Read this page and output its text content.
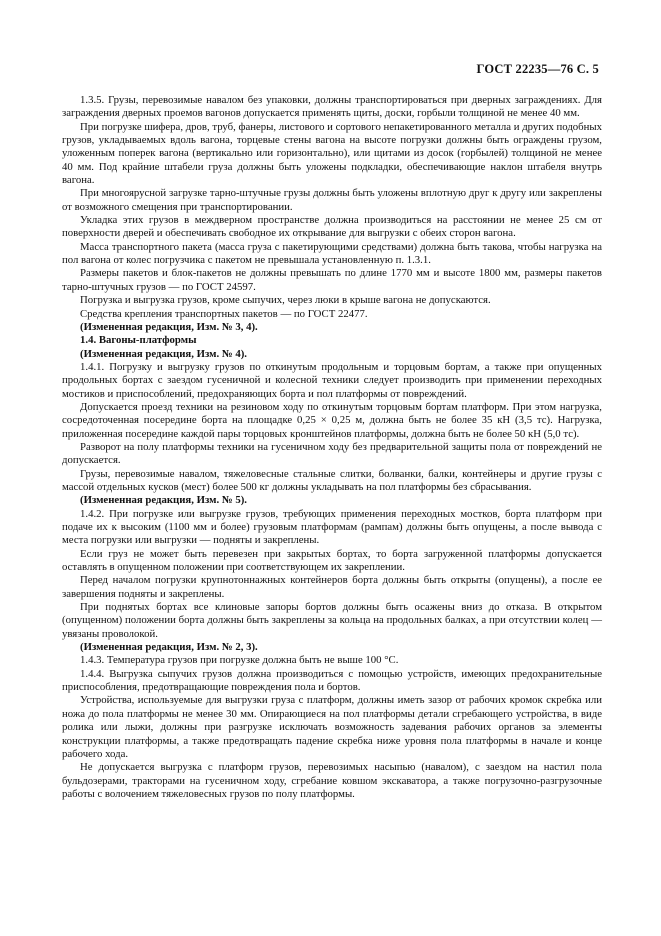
ГОСТ 22235—76 С. 5

1.3.5. Грузы, перевозимые навалом без упаковки, должны транспортироваться при дверных заграждениях. Для заграждения дверных проемов вагонов допускается применять щиты, доски, горбыли толщиной не менее 40 мм.

При погрузке шифера, дров, труб, фанеры, листового и сортового непакетированного металла и других подобных грузов, укладываемых вдоль вагона, торцевые стены вагона на высоте погрузки должны быть ограждены грузом, уложенным поперек вагона (вертикально или горизонтально), или щитами из досок (горбылей) толщиной не менее 40 мм. Под крайние штабели груза должны быть уложены подкладки, обеспечивающие наклон штабеля внутрь вагона.

При многоярусной загрузке тарно-штучные грузы должны быть уложены вплотную друг к другу или закреплены от возможного смещения при транспортировании.

Укладка этих грузов в междверном пространстве должна производиться на расстоянии не менее 25 см от поверхности дверей и обеспечивать свободное их открывание для выгрузки с обеих сторон вагона.

Масса транспортного пакета (масса груза с пакетирующими средствами) должна быть такова, чтобы нагрузка на пол вагона от колес погрузчика с пакетом не превышала установленную п. 1.3.1.

Размеры пакетов и блок-пакетов не должны превышать по длине 1770 мм и высоте 1800 мм, размеры пакетов тарно-штучных грузов — по ГОСТ 24597.

Погрузка и выгрузка грузов, кроме сыпучих, через люки в крыше вагона не допускаются.

Средства крепления транспортных пакетов — по ГОСТ 22477.

(Измененная редакция, Изм. № 3, 4).

1.4. Вагоны-платформы

(Измененная редакция, Изм. № 4).

1.4.1. Погрузку и выгрузку грузов по откинутым продольным и торцовым бортам, а также при опущенных продольных бортах с заездом гусеничной и колесной техники следует производить при применении переходных мостиков и приспособлений, предохраняющих борта и пол платформы от повреждений.

Допускается проезд техники на резиновом ходу по откинутым торцовым бортам платформ. При этом нагрузка, сосредоточенная посередине борта на площадке 0,25 × 0,25 м, должна быть не более 35 кН (3,5 тс). Нагрузка, приложенная посередине каждой пары торцовых кронштейнов платформы, должна быть не более 50 кН (5,0 тс).

Разворот на полу платформы техники на гусеничном ходу без предварительной защиты пола от повреждений не допускается.

Грузы, перевозимые навалом, тяжеловесные стальные слитки, болванки, балки, контейнеры и другие грузы с массой отдельных кусков (мест) более 500 кг должны укладывать на пол платформы без сбрасывания.

(Измененная редакция, Изм. № 5).

1.4.2. При погрузке или выгрузке грузов, требующих применения переходных мостков, борта платформ при подаче их к высоким (1100 мм и более) грузовым платформам (рампам) должны быть опущены, а после вывода с места погрузки или выгрузки — подняты и закреплены.

Если груз не может быть перевезен при закрытых бортах, то борта загруженной платформы допускается оставлять в опущенном положении при соответствующем их закреплении.

Перед началом погрузки крупнотоннажных контейнеров борта должны быть открыты (опущены), а после ее завершения подняты и закреплены.

При поднятых бортах все клиновые запоры бортов должны быть осажены вниз до отказа. В открытом (опущенном) положении борта должны быть закреплены за кольца на продольных балках, а при отсутствии колец — увязаны проволокой.

(Измененная редакция, Изм. № 2, 3).

1.4.3. Температура грузов при погрузке должна быть не выше 100 °С.

1.4.4. Выгрузка сыпучих грузов должна производиться с помощью устройств, имеющих предохранительные приспособления, предотвращающие повреждения пола и бортов.

Устройства, используемые для выгрузки груза с платформ, должны иметь зазор от рабочих кромок скребка или ножа до пола платформы не менее 30 мм. Опирающиеся на пол платформы детали сгребающего устройства, в виде ролика или лыжи, должны при разгрузке исключать возможность задевания рабочих органов за элементы конструкции платформы, а также предотвращать падение скребка ниже уровня пола платформы в начале и конце рабочего хода.

Не допускается выгрузка с платформ грузов, перевозимых насыпью (навалом), с заездом на настил пола бульдозерами, тракторами на гусеничном ходу, сгребание ковшом экскаватора, а также погрузочно-разгрузочные работы с волочением тяжеловесных грузов по полу платформы.
